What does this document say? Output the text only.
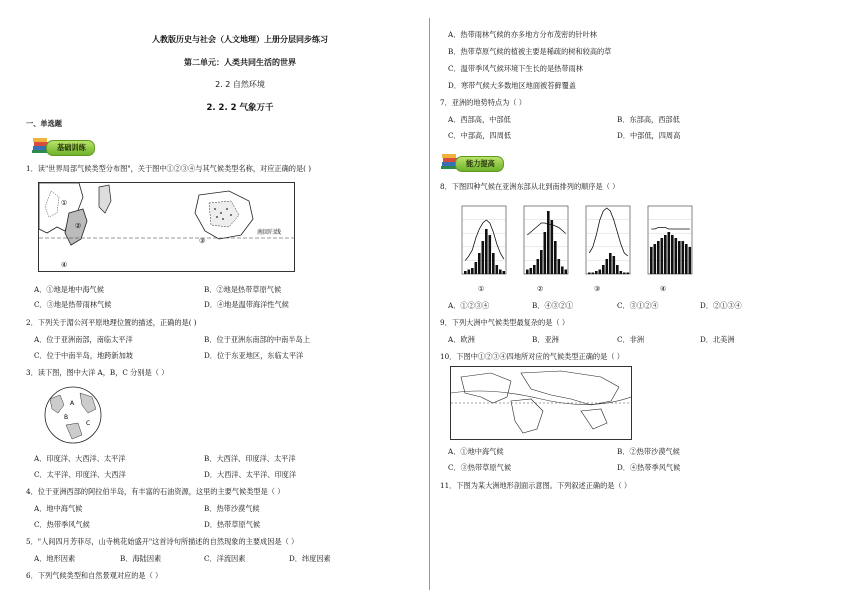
人教版历史与社会（人文地理）上册分层同步练习
第二单元：人类共同生活的世界
2. 2 自然环境
2. 2. 2 气象万千
一、单选题
基础训练
1．读"世界局部气候类型分布图"，关于图中①②③④与其气候类型名称，对应正确的是( )
南回归线
①
②
③
④
A．①地是地中海气候	B．②地是热带草原气候
C．③地是热带雨林气候	D．④地是温带海洋性气候
2．下列关于湄公河平原地理位置的描述，正确的是( )
A．位于亚洲南部，南临太平洋	B．位于亚洲东南部的中南半岛上
C．位于中南半岛，地跨新加坡	D．位于东亚地区，东临太平洋
3．读下图，图中大洋 A，B，C 分别是（ ）
A
B
C
A．印度洋、大西洋、太平洋	B．大西洋、印度洋、太平洋
C．太平洋、印度洋、大西洋	D．大西洋、太平洋、印度洋
4．位于亚洲西部的阿拉伯半岛，有丰富的石油资源，这里的主要气候类型是（ ）
A．地中海气候	B．热带沙漠气候
C．热带季风气候	D．热带草原气候
5．"人间四月芳菲尽，山寺桃花始盛开"这首诗句所描述的自然现象的主要成因是（ ）
A．地形因素	B．海陆因素	C．洋流因素	D．纬度因素
6．下列气候类型和自然景观对应的是（ ）
A．热带雨林气候的亦多地方分布茂密的针叶林
B．热带草原气候的植被主要是稀疏的树和较高的草
C．温带季风气候环境下生长的是热带雨林
D．寒带气候大多数地区地面被苔藓覆盖
7．亚洲的地势特点为（ ）
A．西部高，中部低	B．东部高，西部低
C．中部高，四周低	D．中部低，四周高
能力提高
8．下图四种气候在亚洲东部从北到南排列的顺序是（ ）
①	②	③	④
A．①②③④	B．④③②①	C．③①②④	D．②①③④
9．下列大洲中气候类型最复杂的是（ ）
A．欧洲	B．亚洲	C．非洲	D．北美洲
10．下图中①②③④四地所对应的气候类型正确的是（ ）
A．①地中海气候	B．②热带沙漠气候
C．③热带草原气候	D．④热带季风气候
11．下图为某大洲地形剖面示意图。下列叙述正确的是（ ）
